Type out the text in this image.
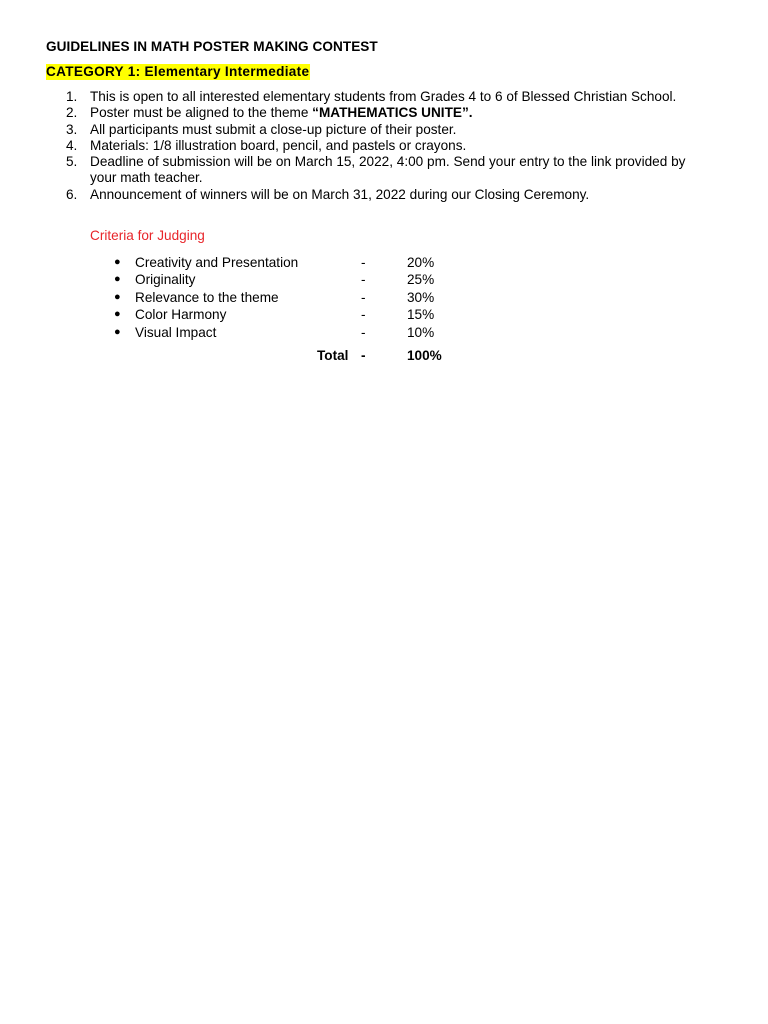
GUIDELINES IN MATH POSTER MAKING CONTEST
CATEGORY 1: Elementary Intermediate
1. This is open to all interested elementary students from Grades 4 to 6 of Blessed Christian School.
2. Poster must be aligned to the theme “MATHEMATICS UNITE”.
3. All participants must submit a close-up picture of their poster.
4. Materials: 1/8 illustration board, pencil, and pastels or crayons.
5. Deadline of submission will be on March 15, 2022, 4:00 pm. Send your entry to the link provided by your math teacher.
6. Announcement of winners will be on March 31, 2022 during our Closing Ceremony.
Criteria for Judging
● Creativity and Presentation	-	20%
● Originality	-	25%
● Relevance to the theme	-	30%
● Color Harmony	-	15%
● Visual Impact	-	10%
Total -	100%
